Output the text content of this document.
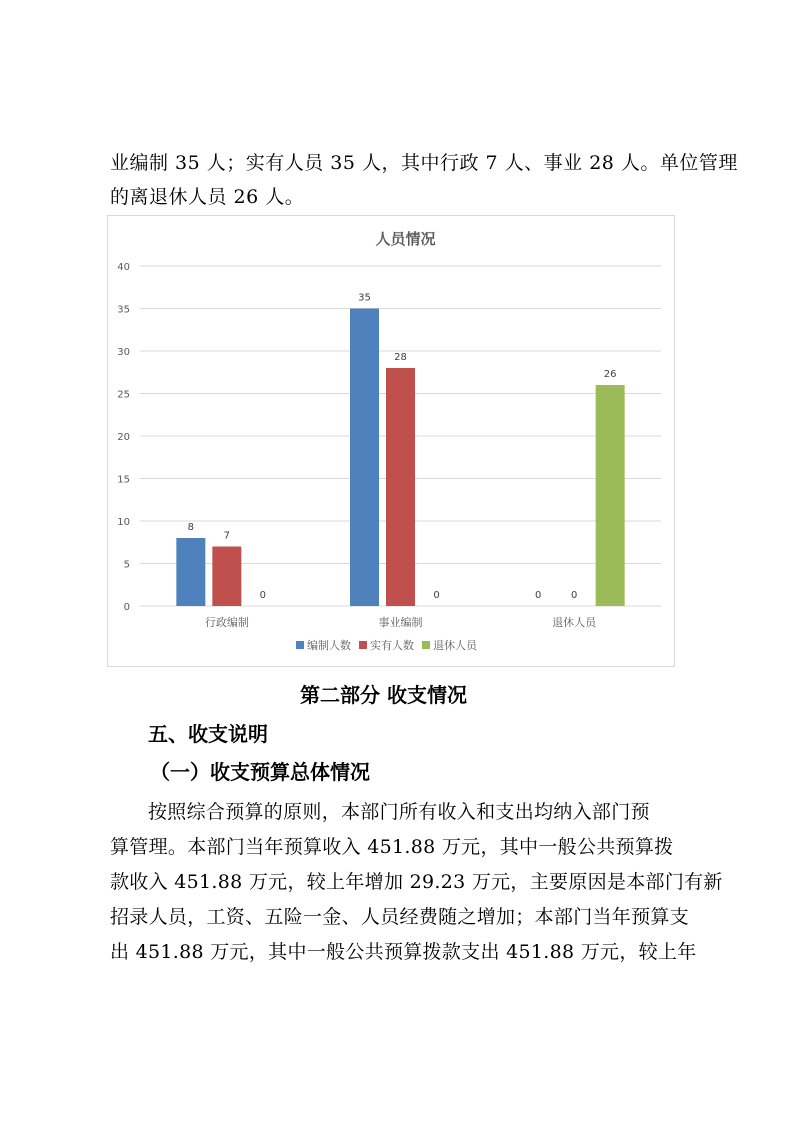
业编制 35 人；实有人员 35 人，其中行政 7 人、事业 28 人。单位管理
的离退休人员 26 人。

人员情况
0
5
10
15
20
25
30
35
40
8
7
0
行政编制
35
28
0
事业编制
0	0
26
退休人员
编制人数 实有人数 退休人员

第二部分 收支情况

五、收支说明

（一）收支预算总体情况

按照综合预算的原则，本部门所有收入和支出均纳入部门预
算管理。本部门当年预算收入 451.88 万元，其中一般公共预算拨
款收入 451.88 万元，较上年增加 29.23 万元，主要原因是本部门有新
招录人员，工资、五险一金、人员经费随之增加；本部门当年预算支
出 451.88 万元，其中一般公共预算拨款支出 451.88 万元，较上年
